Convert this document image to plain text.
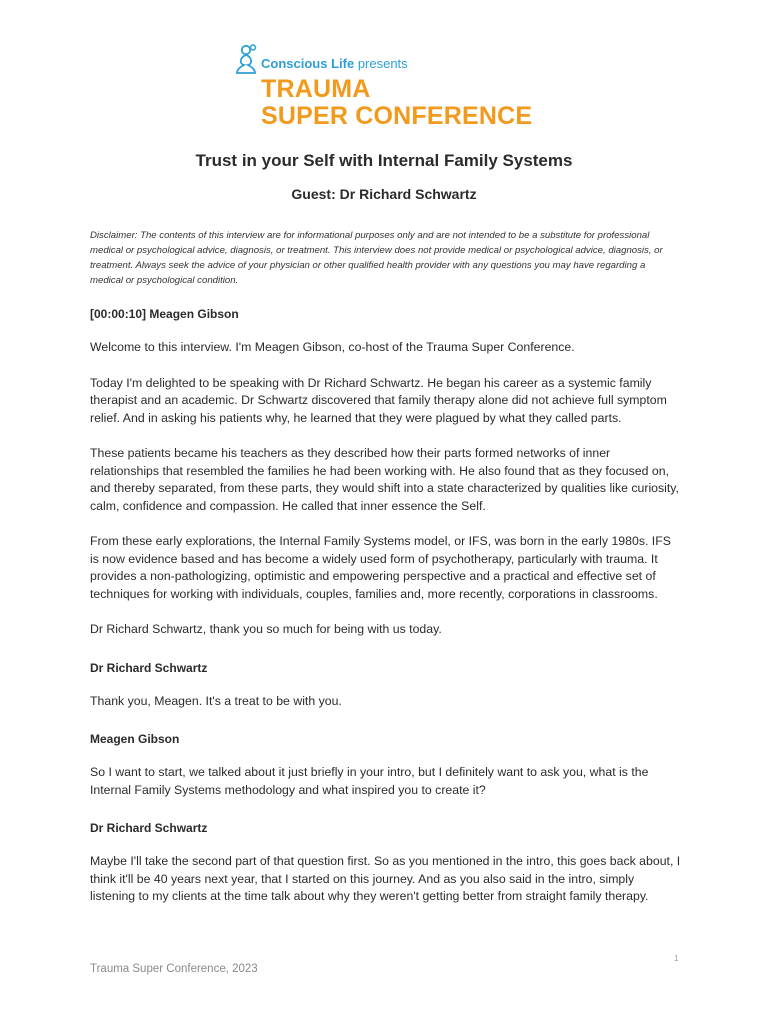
Conscious Life presents
TRAUMA
SUPER CONFERENCE
Trust in your Self with Internal Family Systems
Guest: Dr Richard Schwartz
Disclaimer: The contents of this interview are for informational purposes only and are not intended to be a substitute for professional medical or psychological advice, diagnosis, or treatment. This interview does not provide medical or psychological advice, diagnosis, or treatment. Always seek the advice of your physician or other qualified health provider with any questions you may have regarding a medical or psychological condition.
[00:00:10] Meagen Gibson

Welcome to this interview. I'm Meagen Gibson, co-host of the Trauma Super Conference.

Today I'm delighted to be speaking with Dr Richard Schwartz. He began his career as a systemic family therapist and an academic. Dr Schwartz discovered that family therapy alone did not achieve full symptom relief. And in asking his patients why, he learned that they were plagued by what they called parts.

These patients became his teachers as they described how their parts formed networks of inner relationships that resembled the families he had been working with. He also found that as they focused on, and thereby separated, from these parts, they would shift into a state characterized by qualities like curiosity, calm, confidence and compassion. He called that inner essence the Self.

From these early explorations, the Internal Family Systems model, or IFS, was born in the early 1980s. IFS is now evidence based and has become a widely used form of psychotherapy, particularly with trauma. It provides a non-pathologizing, optimistic and empowering perspective and a practical and effective set of techniques for working with individuals, couples, families and, more recently, corporations in classrooms.

Dr Richard Schwartz, thank you so much for being with us today.

Dr Richard Schwartz

Thank you, Meagen. It's a treat to be with you.

Meagen Gibson

So I want to start, we talked about it just briefly in your intro, but I definitely want to ask you, what is the Internal Family Systems methodology and what inspired you to create it?

Dr Richard Schwartz

Maybe I'll take the second part of that question first. So as you mentioned in the intro, this goes back about, I think it'll be 40 years next year, that I started on this journey. And as you also said in the intro, simply listening to my clients at the time talk about why they weren't getting better from straight family therapy.

1
Trauma Super Conference, 2023
